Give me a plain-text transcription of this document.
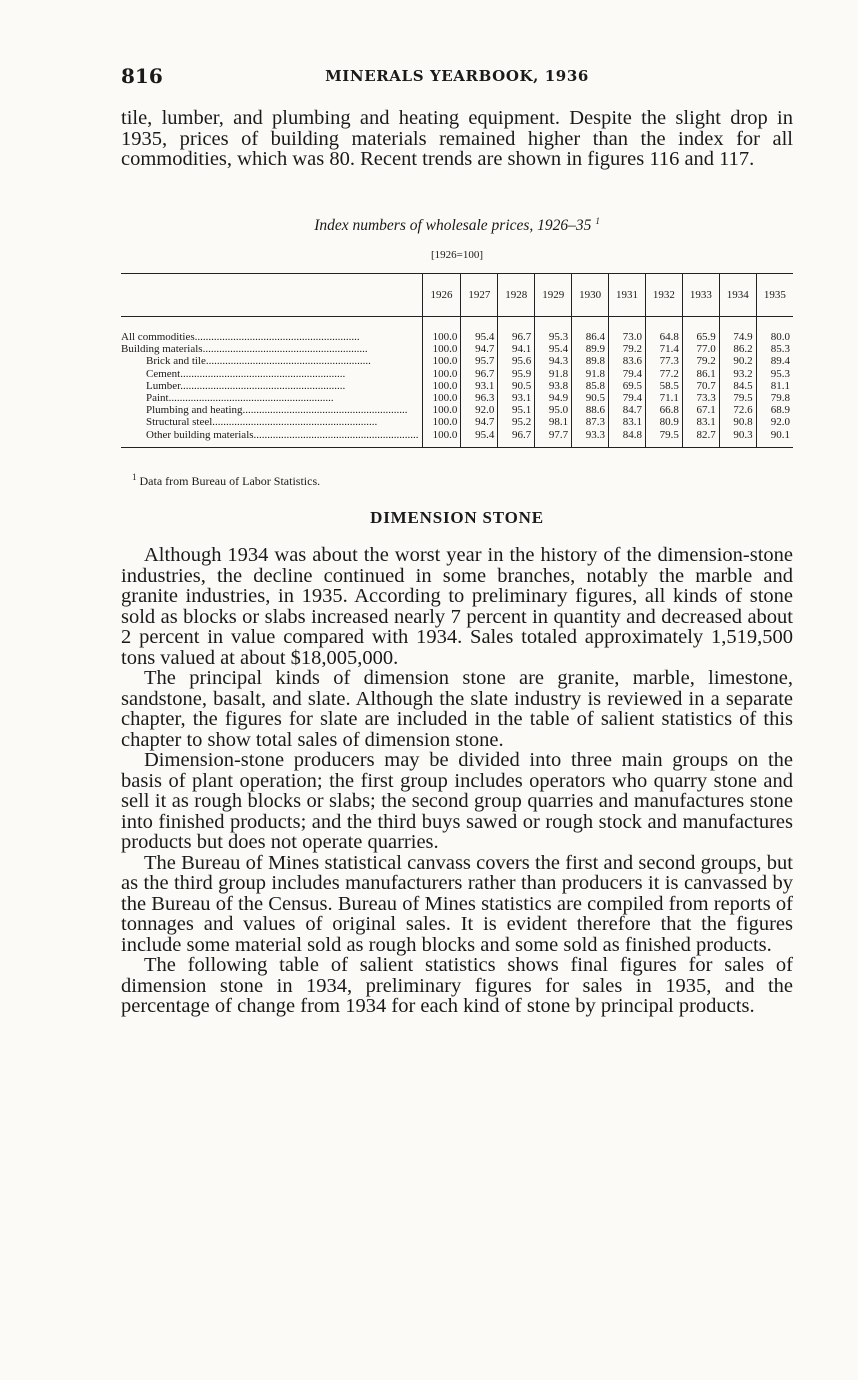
816	MINERALS YEARBOOK, 1936

tile, lumber, and plumbing and heating equipment. Despite the slight drop in 1935, prices of building materials remained higher than the index for all commodities, which was 80. Recent trends are shown in figures 116 and 117.

Index numbers of wholesale prices, 1926–35 $^1$
[1926=100]
	1926	1927	1928	1929	1930	1931	1932	1933	1934	1935

All commodities............................................................	100.0	95.4	96.7	95.3	86.4	73.0	64.8	65.9	74.9	80.0
Building materials............................................................	100.0	94.7	94.1	95.4	89.9	79.2	71.4	77.0	86.2	85.3
Brick and tile............................................................	100.0	95.7	95.6	94.3	89.8	83.6	77.3	79.2	90.2	89.4
Cement............................................................	100.0	96.7	95.9	91.8	91.8	79.4	77.2	86.1	93.2	95.3
Lumber............................................................	100.0	93.1	90.5	93.8	85.8	69.5	58.5	70.7	84.5	81.1
Paint............................................................	100.0	96.3	93.1	94.9	90.5	79.4	71.1	73.3	79.5	79.8
Plumbing and heating............................................................	100.0	92.0	95.1	95.0	88.6	84.7	66.8	67.1	72.6	68.9
Structural steel............................................................	100.0	94.7	95.2	98.1	87.3	83.1	80.9	83.1	90.8	92.0
Other building materials............................................................	100.0	95.4	96.7	97.7	93.3	84.8	79.5	82.7	90.3	90.1
$^1$ Data from Bureau of Labor Statistics.
DIMENSION STONE

Although 1934 was about the worst year in the history of the dimension-stone industries, the decline continued in some branches, notably the marble and granite industries, in 1935. According to preliminary figures, all kinds of stone sold as blocks or slabs increased nearly 7 percent in quantity and decreased about 2 percent in value compared with 1934. Sales totaled approximately 1,519,500 tons valued at about $18,005,000.

The principal kinds of dimension stone are granite, marble, limestone, sandstone, basalt, and slate. Although the slate industry is reviewed in a separate chapter, the figures for slate are included in the table of salient statistics of this chapter to show total sales of dimension stone.

Dimension-stone producers may be divided into three main groups on the basis of plant operation; the first group includes operators who quarry stone and sell it as rough blocks or slabs; the second group quarries and manufactures stone into finished products; and the third buys sawed or rough stock and manufactures products but does not operate quarries.

The Bureau of Mines statistical canvass covers the first and second groups, but as the third group includes manufacturers rather than producers it is canvassed by the Bureau of the Census. Bureau of Mines statistics are compiled from reports of tonnages and values of original sales. It is evident therefore that the figures include some material sold as rough blocks and some sold as finished products.

The following table of salient statistics shows final figures for sales of dimension stone in 1934, preliminary figures for sales in 1935, and the percentage of change from 1934 for each kind of stone by principal products.
